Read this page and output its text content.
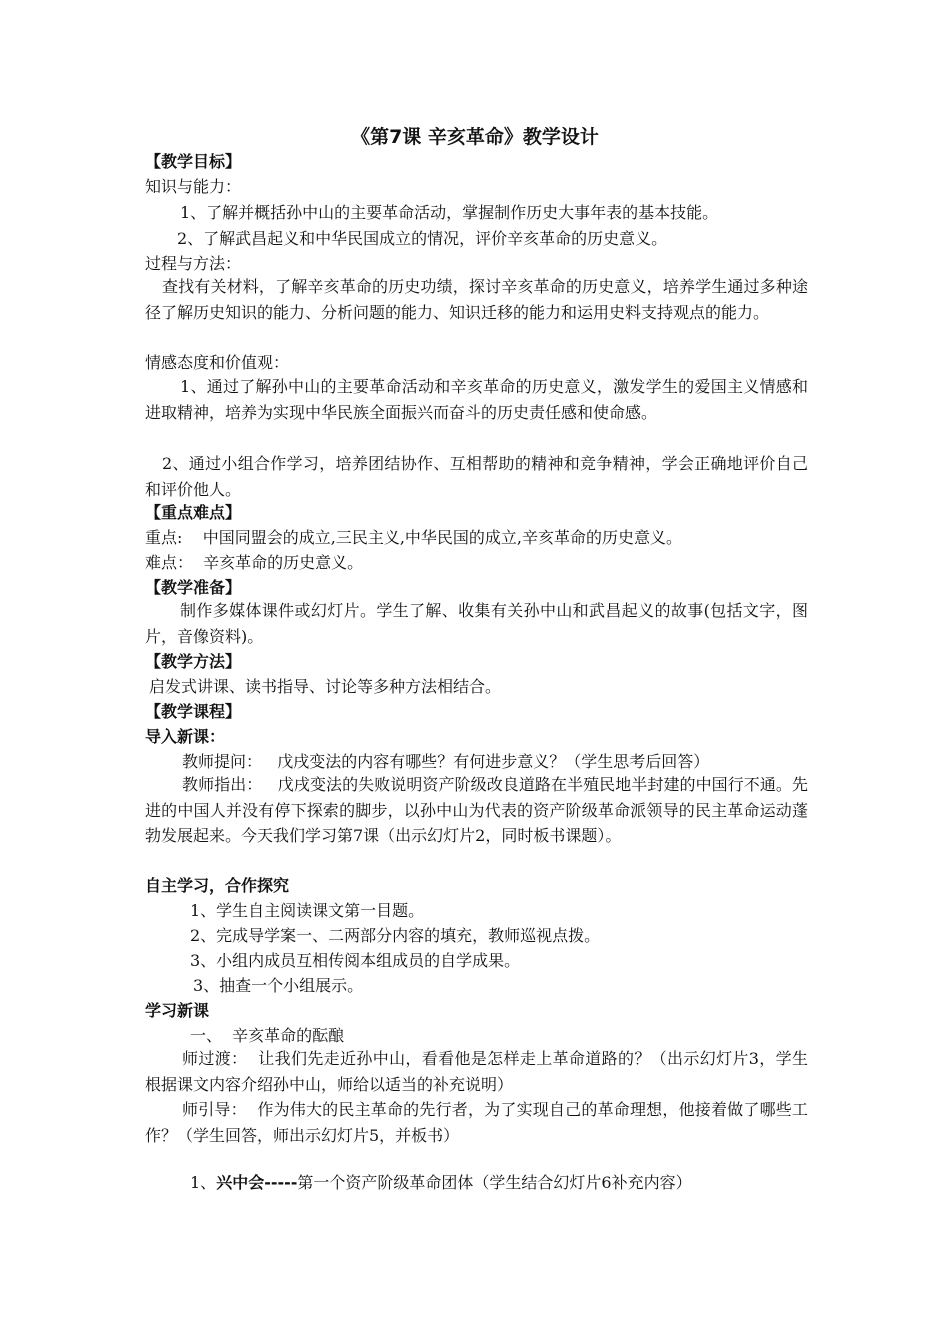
《第7课 辛亥革命》教学设计
【教学目标】
知识与能力：
1、了解并概括孙中山的主要革命活动，掌握制作历史大事年表的基本技能。
2、了解武昌起义和中华民国成立的情况，评价辛亥革命的历史意义。
过程与方法：
查找有关材料，了解辛亥革命的历史功绩，探讨辛亥革命的历史意义，培养学生通过多种途径了解历史知识的能力、分析问题的能力、知识迁移的能力和运用史料支持观点的能力。
情感态度和价值观：
1、通过了解孙中山的主要革命活动和辛亥革命的历史意义，激发学生的爱国主义情感和进取精神，培养为实现中华民族全面振兴而奋斗的历史责任感和使命感。
2、通过小组合作学习，培养团结协作、互相帮助的精神和竞争精神，学会正确地评价自己和评价他人。
【重点难点】
重点:    中国同盟会的成立,三民主义,中华民国的成立,辛亥革命的历史意义。
难点：  辛亥革命的历史意义。
【教学准备】
制作多媒体课件或幻灯片。学生了解、收集有关孙中山和武昌起义的故事(包括文字，图片，音像资料)。
【教学方法】
启发式讲课、读书指导、讨论等多种方法相结合。
【教学课程】
导入新课：
教师提问：   戊戌变法的内容有哪些？有何进步意义？（学生思考后回答）
教师指出：   戊戌变法的失败说明资产阶级改良道路在半殖民地半封建的中国行不通。先进的中国人并没有停下探索的脚步，以孙中山为代表的资产阶级革命派领导的民主革命运动蓬勃发展起来。今天我们学习第7课（出示幻灯片2，同时板书课题）。
自主学习，合作探究
1、学生自主阅读课文第一目题。
2、完成导学案一、二两部分内容的填充，教师巡视点拨。
3、小组内成员互相传阅本组成员的自学成果。
3、抽查一个小组展示。
学习新课
一、  辛亥革命的酝酿
师过渡：  让我们先走近孙中山，看看他是怎样走上革命道路的？（出示幻灯片3，学生根据课文内容介绍孙中山，师给以适当的补充说明）
师引导：  作为伟大的民主革命的先行者，为了实现自己的革命理想，他接着做了哪些工作？（学生回答，师出示幻灯片5，并板书）
1、兴中会-----第一个资产阶级革命团体（学生结合幻灯片6补充内容）
